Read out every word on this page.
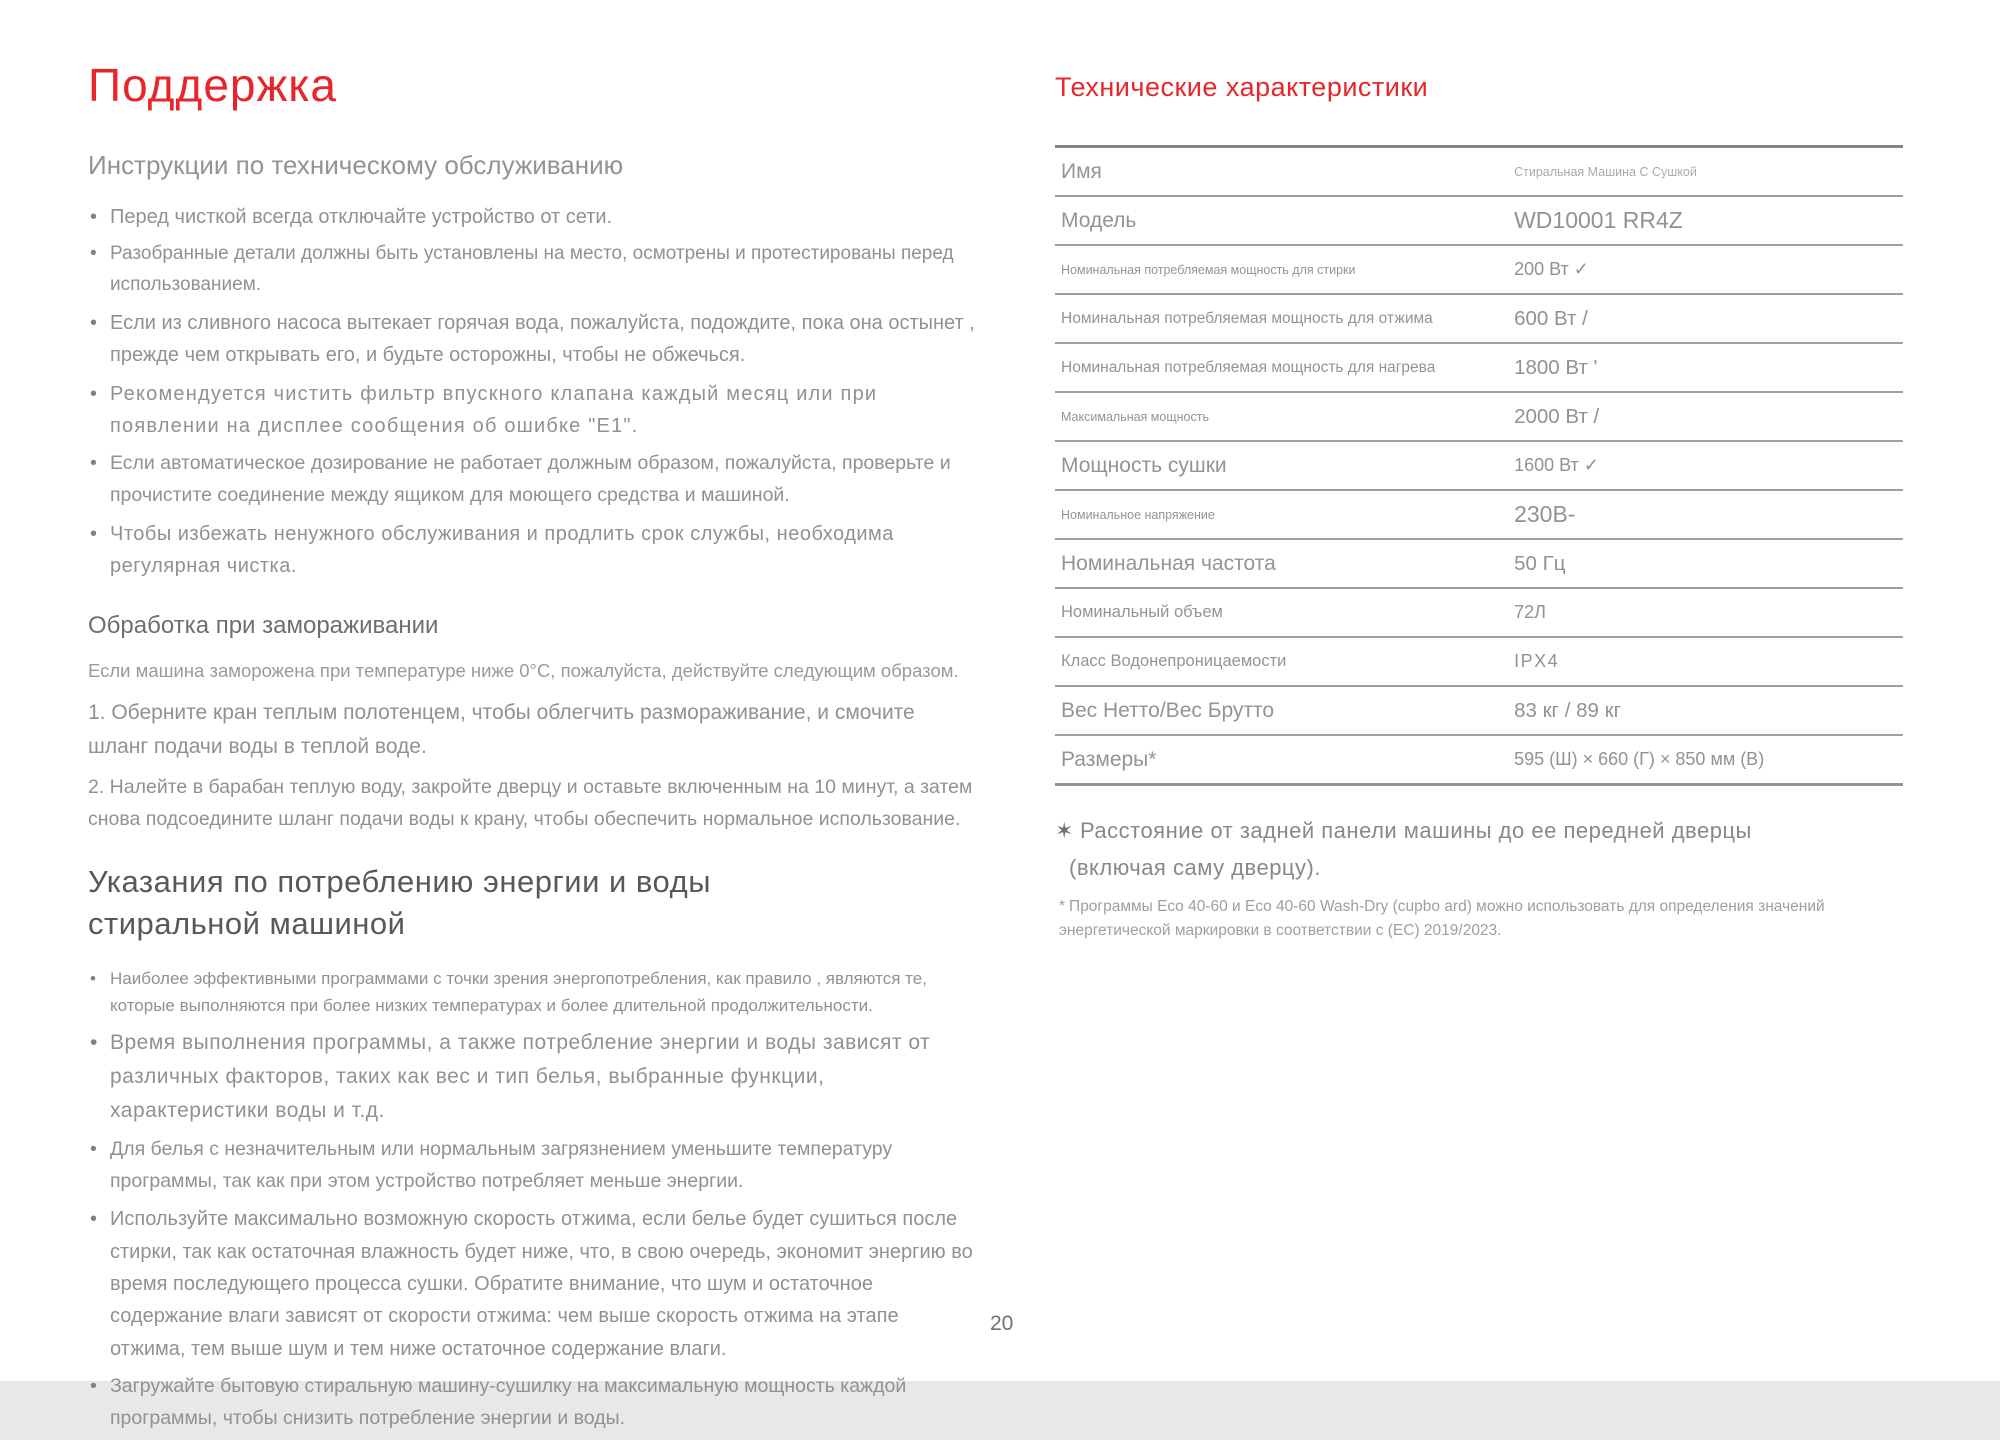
Поддержка
Инструкции по техническому обслуживанию
• Перед чисткой всегда отключайте устройство от сети.
• Разобранные детали должны быть установлены на место, осмотрены и протестированы перед использованием.
• Если из сливного насоса вытекает горячая вода, пожалуйста, подождите, пока она остынет , прежде чем открывать его, и будьте осторожны, чтобы не обжечься.
• Рекомендуется чистить фильтр впускного клапана каждый месяц или при появлении на дисплее сообщения об ошибке "E1".
• Если автоматическое дозирование не работает должным образом, пожалуйста, проверьте и прочистите соединение между ящиком для моющего средства и машиной.
• Чтобы избежать ненужного обслуживания и продлить срок службы, необходима регулярная чистка.
Обработка при замораживании

Если машина заморожена при температуре ниже 0°C, пожалуйста, действуйте следующим образом.

1. Оберните кран теплым полотенцем, чтобы облегчить размораживание, и смочите шланг подачи воды в теплой воде.

2. Налейте в барабан теплую воду, закройте дверцу и оставьте включенным на 10 минут, а затем снова подсоедините шланг подачи воды к крану, чтобы обеспечить нормальное использование.

Указания по потреблению энергии и воды
стиральной машиной
• Наиболее эффективными программами с точки зрения энергопотребления, как правило , являются те, которые выполняются при более низких температурах и более длительной продолжительности.
• Время выполнения программы, а также потребление энергии и воды зависят от различных факторов, таких как вес и тип белья, выбранные функции, характеристики воды и т.д.
• Для белья с незначительным или нормальным загрязнением уменьшите температуру программы, так как при этом устройство потребляет меньше энергии.
• Используйте максимально возможную скорость отжима, если белье будет сушиться после стирки, так как остаточная влажность будет ниже, что, в свою очередь, экономит энергию во время последующего процесса сушки. Обратите внимание, что шум и остаточное содержание влаги зависят от скорости отжима: чем выше скорость отжима на этапе отжима, тем выше шум и тем ниже остаточное содержание влаги.
• Загружайте бытовую стиральную машину-сушилку на максимальную мощность каждой программы, чтобы снизить потребление энергии и воды.
Технические характеристики
Имя	Стиральная Машина С Сушкой
Модель	WD10001 RR4Z
Номинальная потребляемая мощность для стирки	200 Вт ✓
Номинальная потребляемая мощность для отжима	600 Вт /
Номинальная потребляемая мощность для нагрева	1800 Вт '
Максимальная мощность	2000 Вт /
Мощность сушки	1600 Вт ✓
Номинальное напряжение	230В-
Номинальная частота	50 Гц
Номинальный объем	72Л
Класс Водонепроницаемости	IPX4
Вес Нетто/Вес Брутто	83 кг / 89 кг
Размеры*	595 (Ш) × 660 (Г) × 850 мм (В)
✶ Расстояние от задней панели машины до ее передней дверцы
(включая саму дверцу).
* Программы Eco 40-60 и Eco 40-60 Wash-Dry (cupbo ard) можно использовать для определения значений энергетической маркировки в соответствии с (EC) 2019/2023.
20
